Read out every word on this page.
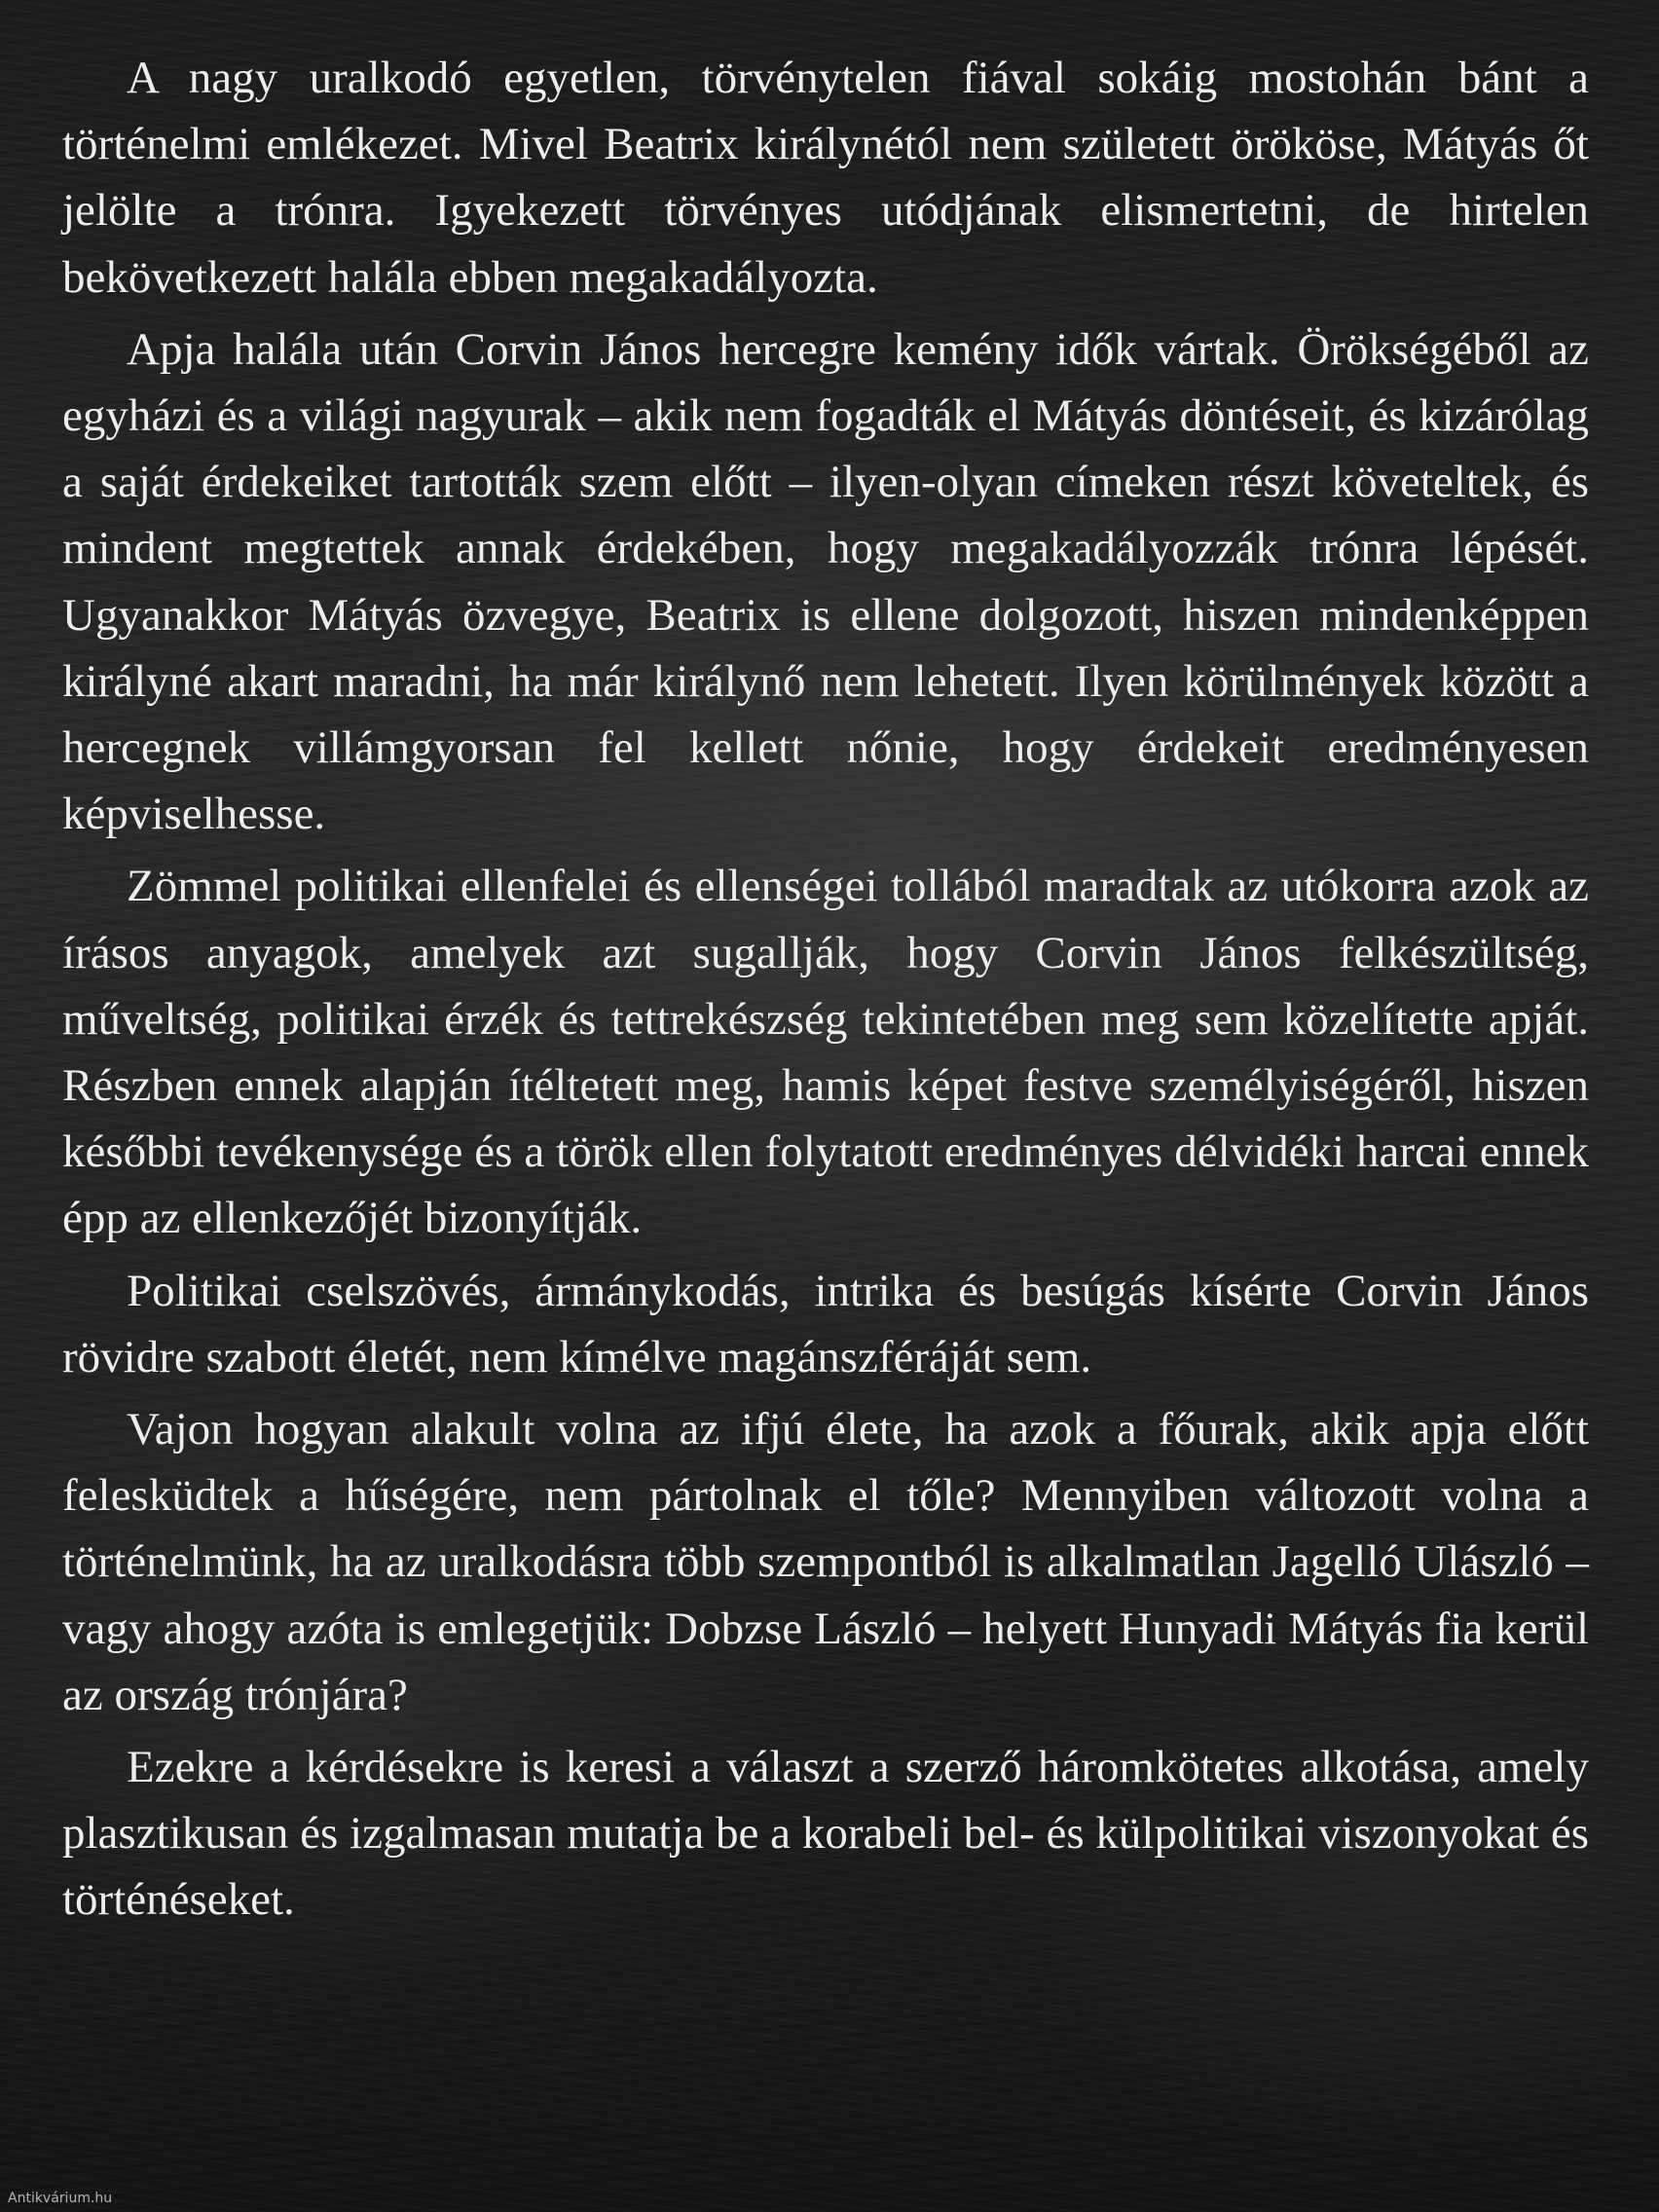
A nagy uralkodó egyetlen, törvénytelen fiával sokáig mostohán bánt a történelmi emlékezet. Mivel Beatrix királynétól nem született örököse, Mátyás őt jelölte a trónra. Igyekezett törvényes utódjának elismertetni, de hirtelen bekövetkezett halála ebben megakadályozta.

Apja halála után Corvin János hercegre kemény idők vártak. Örökségéből az egyházi és a világi nagyurak – akik nem fogadták el Mátyás döntéseit, és kizárólag a saját érdekeiket tartották szem előtt – ilyen-olyan címeken részt követeltek, és mindent megtettek annak érdekében, hogy megakadályozzák trónra lépését. Ugyanakkor Mátyás özvegye, Beatrix is ellene dolgozott, hiszen mindenképpen királyné akart maradni, ha már királynő nem lehetett. Ilyen körülmények között a hercegnek villámgyorsan fel kellett nőnie, hogy érdekeit eredményesen képviselhesse.

Zömmel politikai ellenfelei és ellenségei tollából maradtak az utókorra azok az írásos anyagok, amelyek azt sugallják, hogy Corvin János felkészültség, műveltség, politikai érzék és tettrekészség tekintetében meg sem közelítette apját. Részben ennek alapján ítéltetett meg, hamis képet festve személyiségéről, hiszen későbbi tevékenysége és a török ellen folytatott eredményes délvidéki harcai ennek épp az ellenkezőjét bizonyítják.

Politikai cselszövés, ármánykodás, intrika és besúgás kísérte Corvin János rövidre szabott életét, nem kímélve magánszféráját sem.

Vajon hogyan alakult volna az ifjú élete, ha azok a főurak, akik apja előtt felesküdtek a hűségére, nem pártolnak el tőle? Mennyiben változott volna a történelmünk, ha az uralkodásra több szempontból is alkalmatlan Jagelló Ulászló – vagy ahogy azóta is emlegetjük: Dobzse László – helyett Hunyadi Mátyás fia kerül az ország trónjára?

Ezekre a kérdésekre is keresi a választ a szerző háromkötetes alkotása, amely plasztikusan és izgalmasan mutatja be a korabeli bel- és külpolitikai viszonyokat és történéseket.

Antikvárium.hu
